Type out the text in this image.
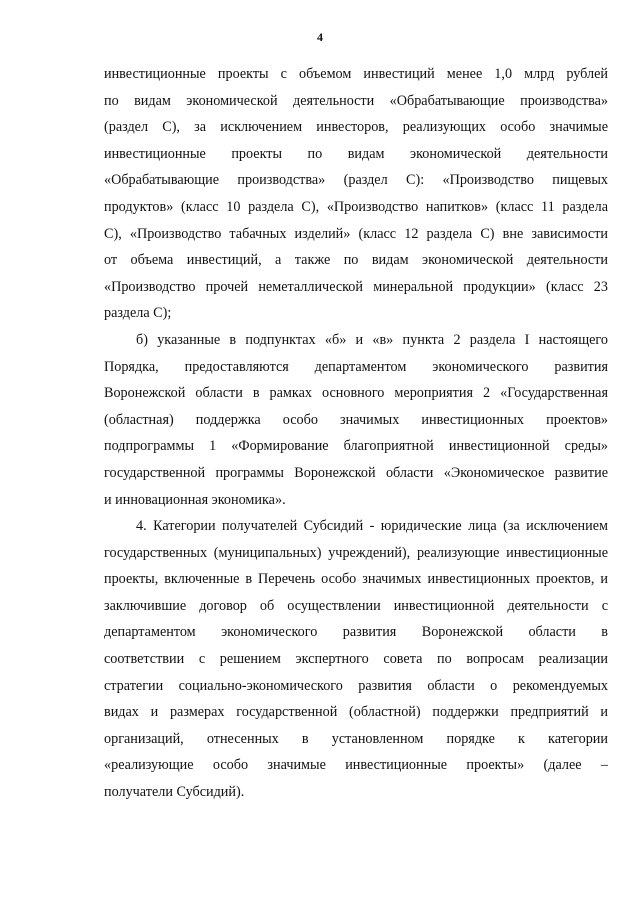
4
инвестиционные проекты с объемом инвестиций менее 1,0 млрд рублей
по видам экономической деятельности «Обрабатывающие производства»
(раздел С), за исключением инвесторов, реализующих особо значимые
инвестиционные проекты по видам экономической деятельности
«Обрабатывающие производства» (раздел С): «Производство пищевых
продуктов» (класс 10 раздела С), «Производство напитков» (класс 11 раздела
С), «Производство табачных изделий» (класс 12 раздела С) вне зависимости
от объема инвестиций, а также по видам экономической деятельности
«Производство прочей неметаллической минеральной продукции» (класс 23
раздела С);
б) указанные в подпунктах «б» и «в» пункта 2 раздела I настоящего
Порядка, предоставляются департаментом экономического развития
Воронежской области в рамках основного мероприятия 2 «Государственная
(областная) поддержка особо значимых инвестиционных проектов»
подпрограммы 1 «Формирование благоприятной инвестиционной среды»
государственной программы Воронежской области «Экономическое развитие
и инновационная экономика».
4. Категории получателей Субсидий - юридические лица (за исключением
государственных (муниципальных) учреждений), реализующие инвестиционные
проекты, включенные в Перечень особо значимых инвестиционных проектов, и
заключившие договор об осуществлении инвестиционной деятельности с
департаментом экономического развития Воронежской области в
соответствии с решением экспертного совета по вопросам реализации
стратегии социально-экономического развития области о рекомендуемых
видах и размерах государственной (областной) поддержки предприятий и
организаций, отнесенных в установленном порядке к категории
«реализующие особо значимые инвестиционные проекты» (далее –
получатели Субсидий).
